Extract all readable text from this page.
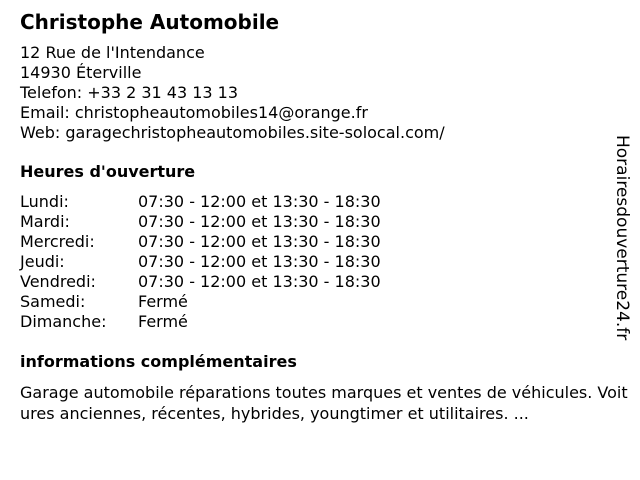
Christophe Automobile
12 Rue de l'Intendance
14930 Éterville
Telefon: +33 2 31 43 13 13
Email: christopheautomobiles14@orange.fr
Web: garagechristopheautomobiles.site-solocal.com/
Heures d'ouverture
Lundi:	07:30 - 12:00 et 13:30 - 18:30
Mardi:	07:30 - 12:00 et 13:30 - 18:30
Mercredi:	07:30 - 12:00 et 13:30 - 18:30
Jeudi:	07:30 - 12:00 et 13:30 - 18:30
Vendredi:	07:30 - 12:00 et 13:30 - 18:30
Samedi:	Fermé
Dimanche:	Fermé
informations complémentaires
Garage automobile réparations toutes marques et ventes de véhicules. Voitures anciennes, récentes, hybrides, youngtimer et utilitaires. ...
Horairesdouverture24.fr
